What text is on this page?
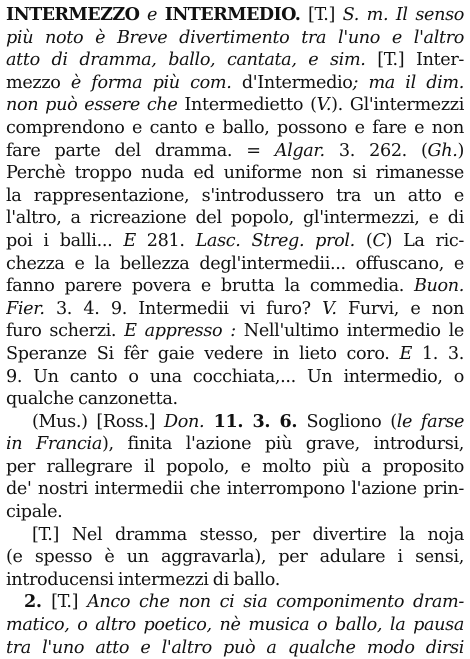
INTERMEZZO e INTERMEDIO. [T.] S. m. Il senso
più noto è Breve divertimento tra l'uno e l'altro
atto di dramma, ballo, cantata, e sim. [T.] Inter-
mezzo è forma più com. d'Intermedio; ma il dim.
non può essere che Intermedietto (V.). Gl'intermezzi
comprendono e canto e ballo, possono e fare e non
fare parte del dramma. = Algar. 3. 262. (Gh.)
Perchè troppo nuda ed uniforme non si rimanesse
la rappresentazione, s'introdussero tra un atto e
l'altro, a ricreazione del popolo, gl'intermezzi, e di
poi i balli... E 281. Lasc. Streg. prol. (C) La ric-
chezza e la bellezza degl'intermedii... offuscano, e
fanno parere povera e brutta la commedia. Buon.
Fier. 3. 4. 9. Intermedii vi furo? V. Furvi, e non
furo scherzi. E appresso : Nell'ultimo intermedio le
Speranze Si fêr gaie vedere in lieto coro. E 1. 3.
9. Un canto o una cocchiata,... Un intermedio, o
qualche canzonetta.
(Mus.) [Ross.] Don. 11. 3. 6. Sogliono (le farse
in Francia), finita l'azione più grave, introdursi,
per rallegrare il popolo, e molto più a proposito
de' nostri intermedii che interrompono l'azione prin-
cipale.
[T.] Nel dramma stesso, per divertire la noja
(e spesso è un aggravarla), per adulare i sensi,
introducensi intermezzi di ballo.
2. [T.] Anco che non ci sia componimento dram-
matico, o altro poetico, nè musica o ballo, la pausa
tra l'uno atto e l'altro può a qualche modo dirsi
